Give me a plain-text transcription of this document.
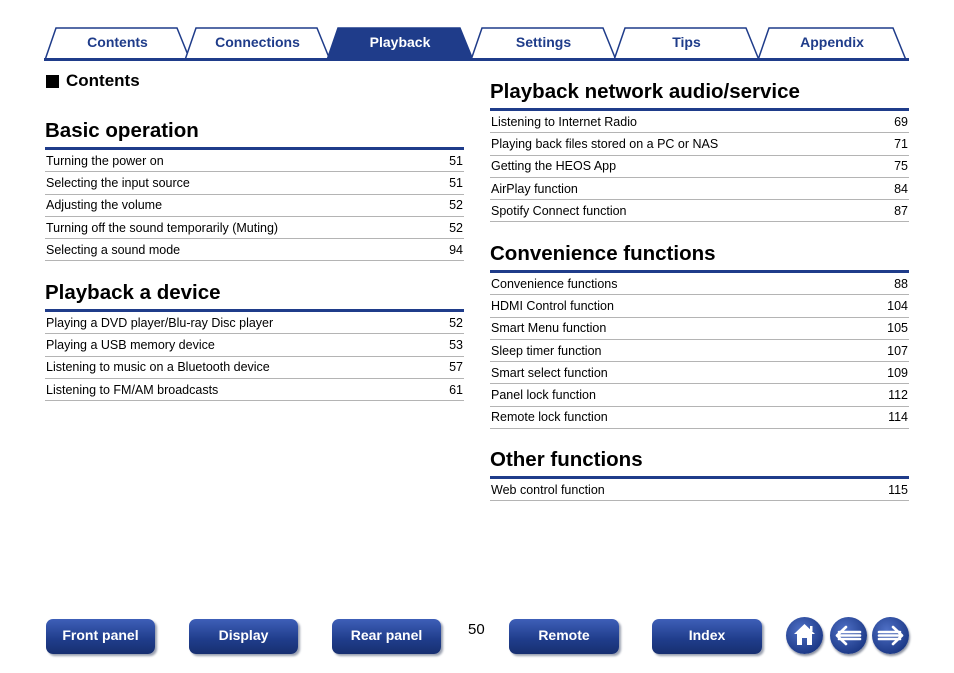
Contents	Connections	Playback	Settings	Tips	Appendix
Contents
Basic operation
Turning the power on	51
Selecting the input source	51
Adjusting the volume	52
Turning off the sound temporarily (Muting)	52
Selecting a sound mode	94
Playback a device
Playing a DVD player/Blu-ray Disc player	52
Playing a USB memory device	53
Listening to music on a Bluetooth device	57
Listening to FM/AM broadcasts	61
Playback network audio/service
Listening to Internet Radio	69
Playing back files stored on a PC or NAS	71
Getting the HEOS App	75
AirPlay function	84
Spotify Connect function	87
Convenience functions
Convenience functions	88
HDMI Control function	104
Smart Menu function	105
Sleep timer function	107
Smart select function	109
Panel lock function	112
Remote lock function	114
Other functions
Web control function	115
Front panel	Display	Rear panel	50	Remote	Index
